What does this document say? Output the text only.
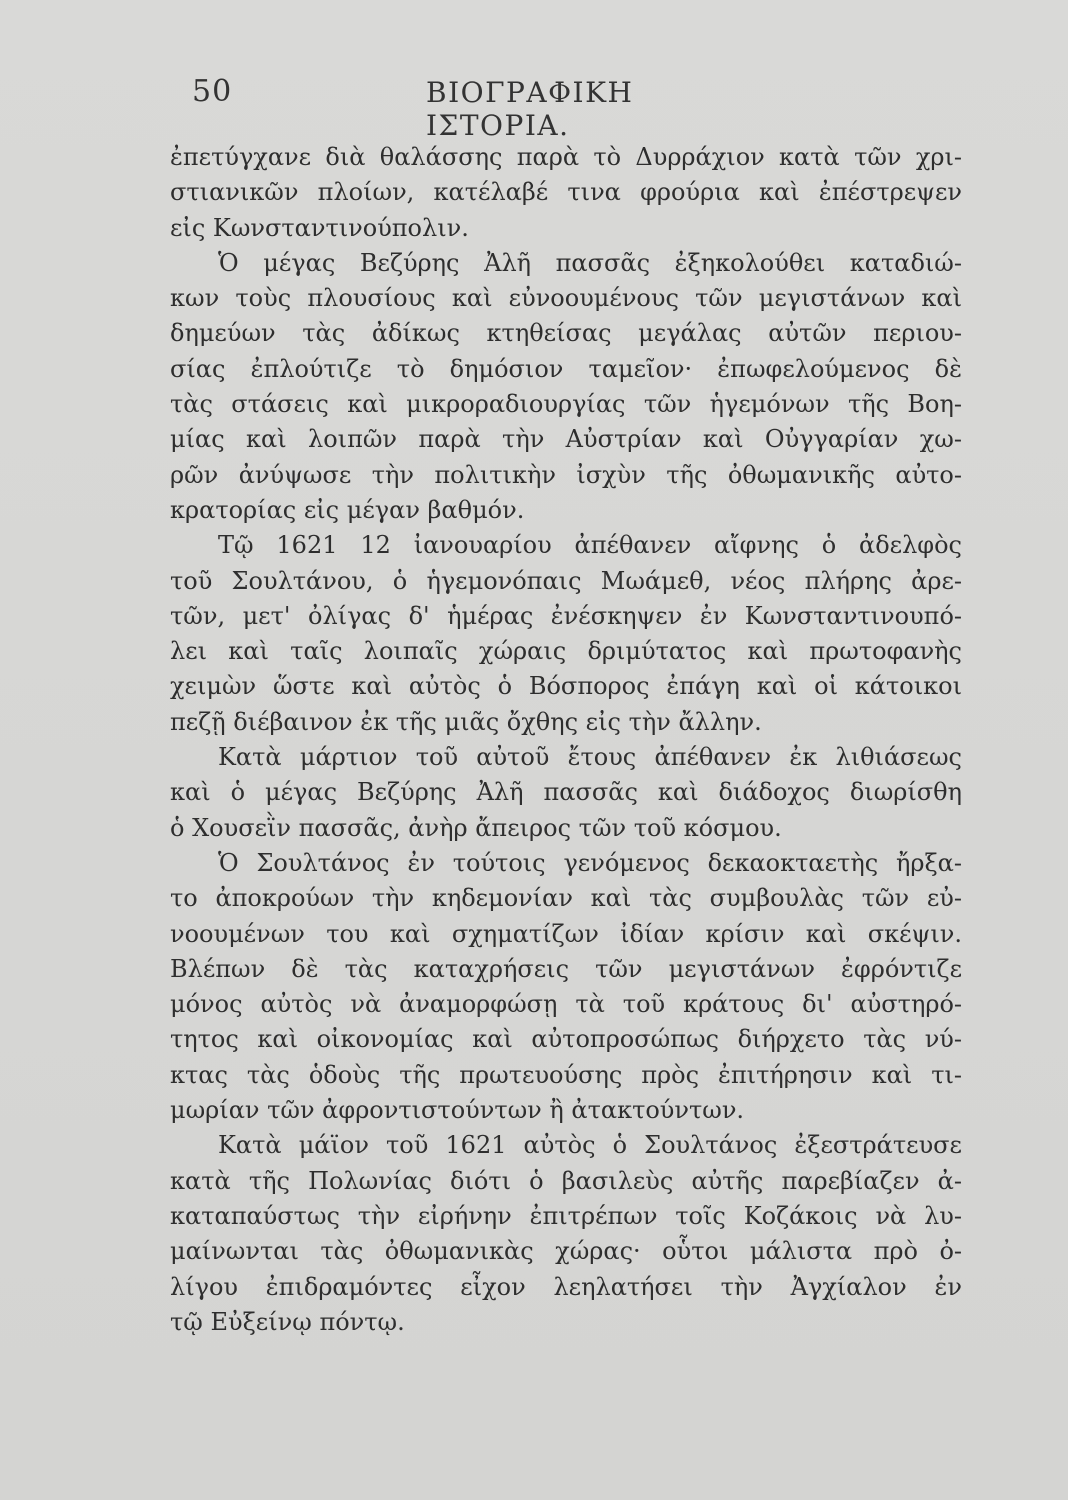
50	ΒΙΟΓΡΑΦΙΚΗ ΙΣΤΟΡΙΑ.
ἐπετύγχανε διὰ θαλάσσης παρὰ τὸ Δυρράχιον κατὰ τῶν χρι-
στιανικῶν πλοίων, κατέλαβέ τινα φρούρια καὶ ἐπέστρεψεν
εἰς Κωνσταντινούπολιν.
Ὁ μέγας Βεζύρης Ἀλῆ πασσᾶς ἐξηκολούθει καταδιώ-
κων τοὺς πλουσίους καὶ εὐνοουμένους τῶν μεγιστάνων καὶ
δημεύων τὰς ἀδίκως κτηθείσας μεγάλας αὐτῶν περιου-
σίας ἐπλούτιζε τὸ δημόσιον ταμεῖον· ἐπωφελούμενος δὲ
τὰς στάσεις καὶ μικροραδιουργίας τῶν ἡγεμόνων τῆς Βοη-
μίας καὶ λοιπῶν παρὰ τὴν Αὐστρίαν καὶ Οὐγγαρίαν χω-
ρῶν ἀνύψωσε τὴν πολιτικὴν ἰσχὺν τῆς ὀθωμανικῆς αὐτο-
κρατορίας εἰς μέγαν βαθμόν.
Τῷ 1621 12 ἰανουαρίου ἀπέθανεν αἴφνης ὁ ἀδελφὸς
τοῦ Σουλτάνου, ὁ ἡγεμονόπαις Μωάμεθ, νέος πλήρης ἀρε-
τῶν, μετ' ὀλίγας δ' ἡμέρας ἐνέσκηψεν ἐν Κωνσταντινουπό-
λει καὶ ταῖς λοιπαῖς χώραις δριμύτατος καὶ πρωτοφανὴς
χειμὼν ὥστε καὶ αὐτὸς ὁ Βόσπορος ἐπάγη καὶ οἱ κάτοικοι
πεζῇ διέβαινον ἐκ τῆς μιᾶς ὄχθης εἰς τὴν ἄλλην.
Κατὰ μάρτιον τοῦ αὐτοῦ ἔτους ἀπέθανεν ἐκ λιθιάσεως
καὶ ὁ μέγας Βεζύρης Ἀλῆ πασσᾶς καὶ διάδοχος διωρίσθη
ὁ Χουσεῒν πασσᾶς, ἀνὴρ ἄπειρος τῶν τοῦ κόσμου.
Ὁ Σουλτάνος ἐν τούτοις γενόμενος δεκαοκταετὴς ἤρξα-
το ἀποκρούων τὴν κηδεμονίαν καὶ τὰς συμβουλὰς τῶν εὐ-
νοουμένων του καὶ σχηματίζων ἰδίαν κρίσιν καὶ σκέψιν.
Βλέπων δὲ τὰς καταχρήσεις τῶν μεγιστάνων ἐφρόντιζε
μόνος αὐτὸς νὰ ἀναμορφώσῃ τὰ τοῦ κράτους δι' αὐστηρό-
τητος καὶ οἰκονομίας καὶ αὐτοπροσώπως διήρχετο τὰς νύ-
κτας τὰς ὁδοὺς τῆς πρωτευούσης πρὸς ἐπιτήρησιν καὶ τι-
μωρίαν τῶν ἀφροντιστούντων ἢ ἀτακτούντων.
Κατὰ μάϊον τοῦ 1621 αὐτὸς ὁ Σουλτάνος ἐξεστράτευσε
κατὰ τῆς Πολωνίας διότι ὁ βασιλεὺς αὐτῆς παρεβίαζεν ἀ-
καταπαύστως τὴν εἰρήνην ἐπιτρέπων τοῖς Κοζάκοις νὰ λυ-
μαίνωνται τὰς ὀθωμανικὰς χώρας· οὗτοι μάλιστα πρὸ ὀ-
λίγου ἐπιδραμόντες εἶχον λεηλατήσει τὴν Ἀγχίαλον ἐν
τῷ Εὐξείνῳ πόντῳ.
